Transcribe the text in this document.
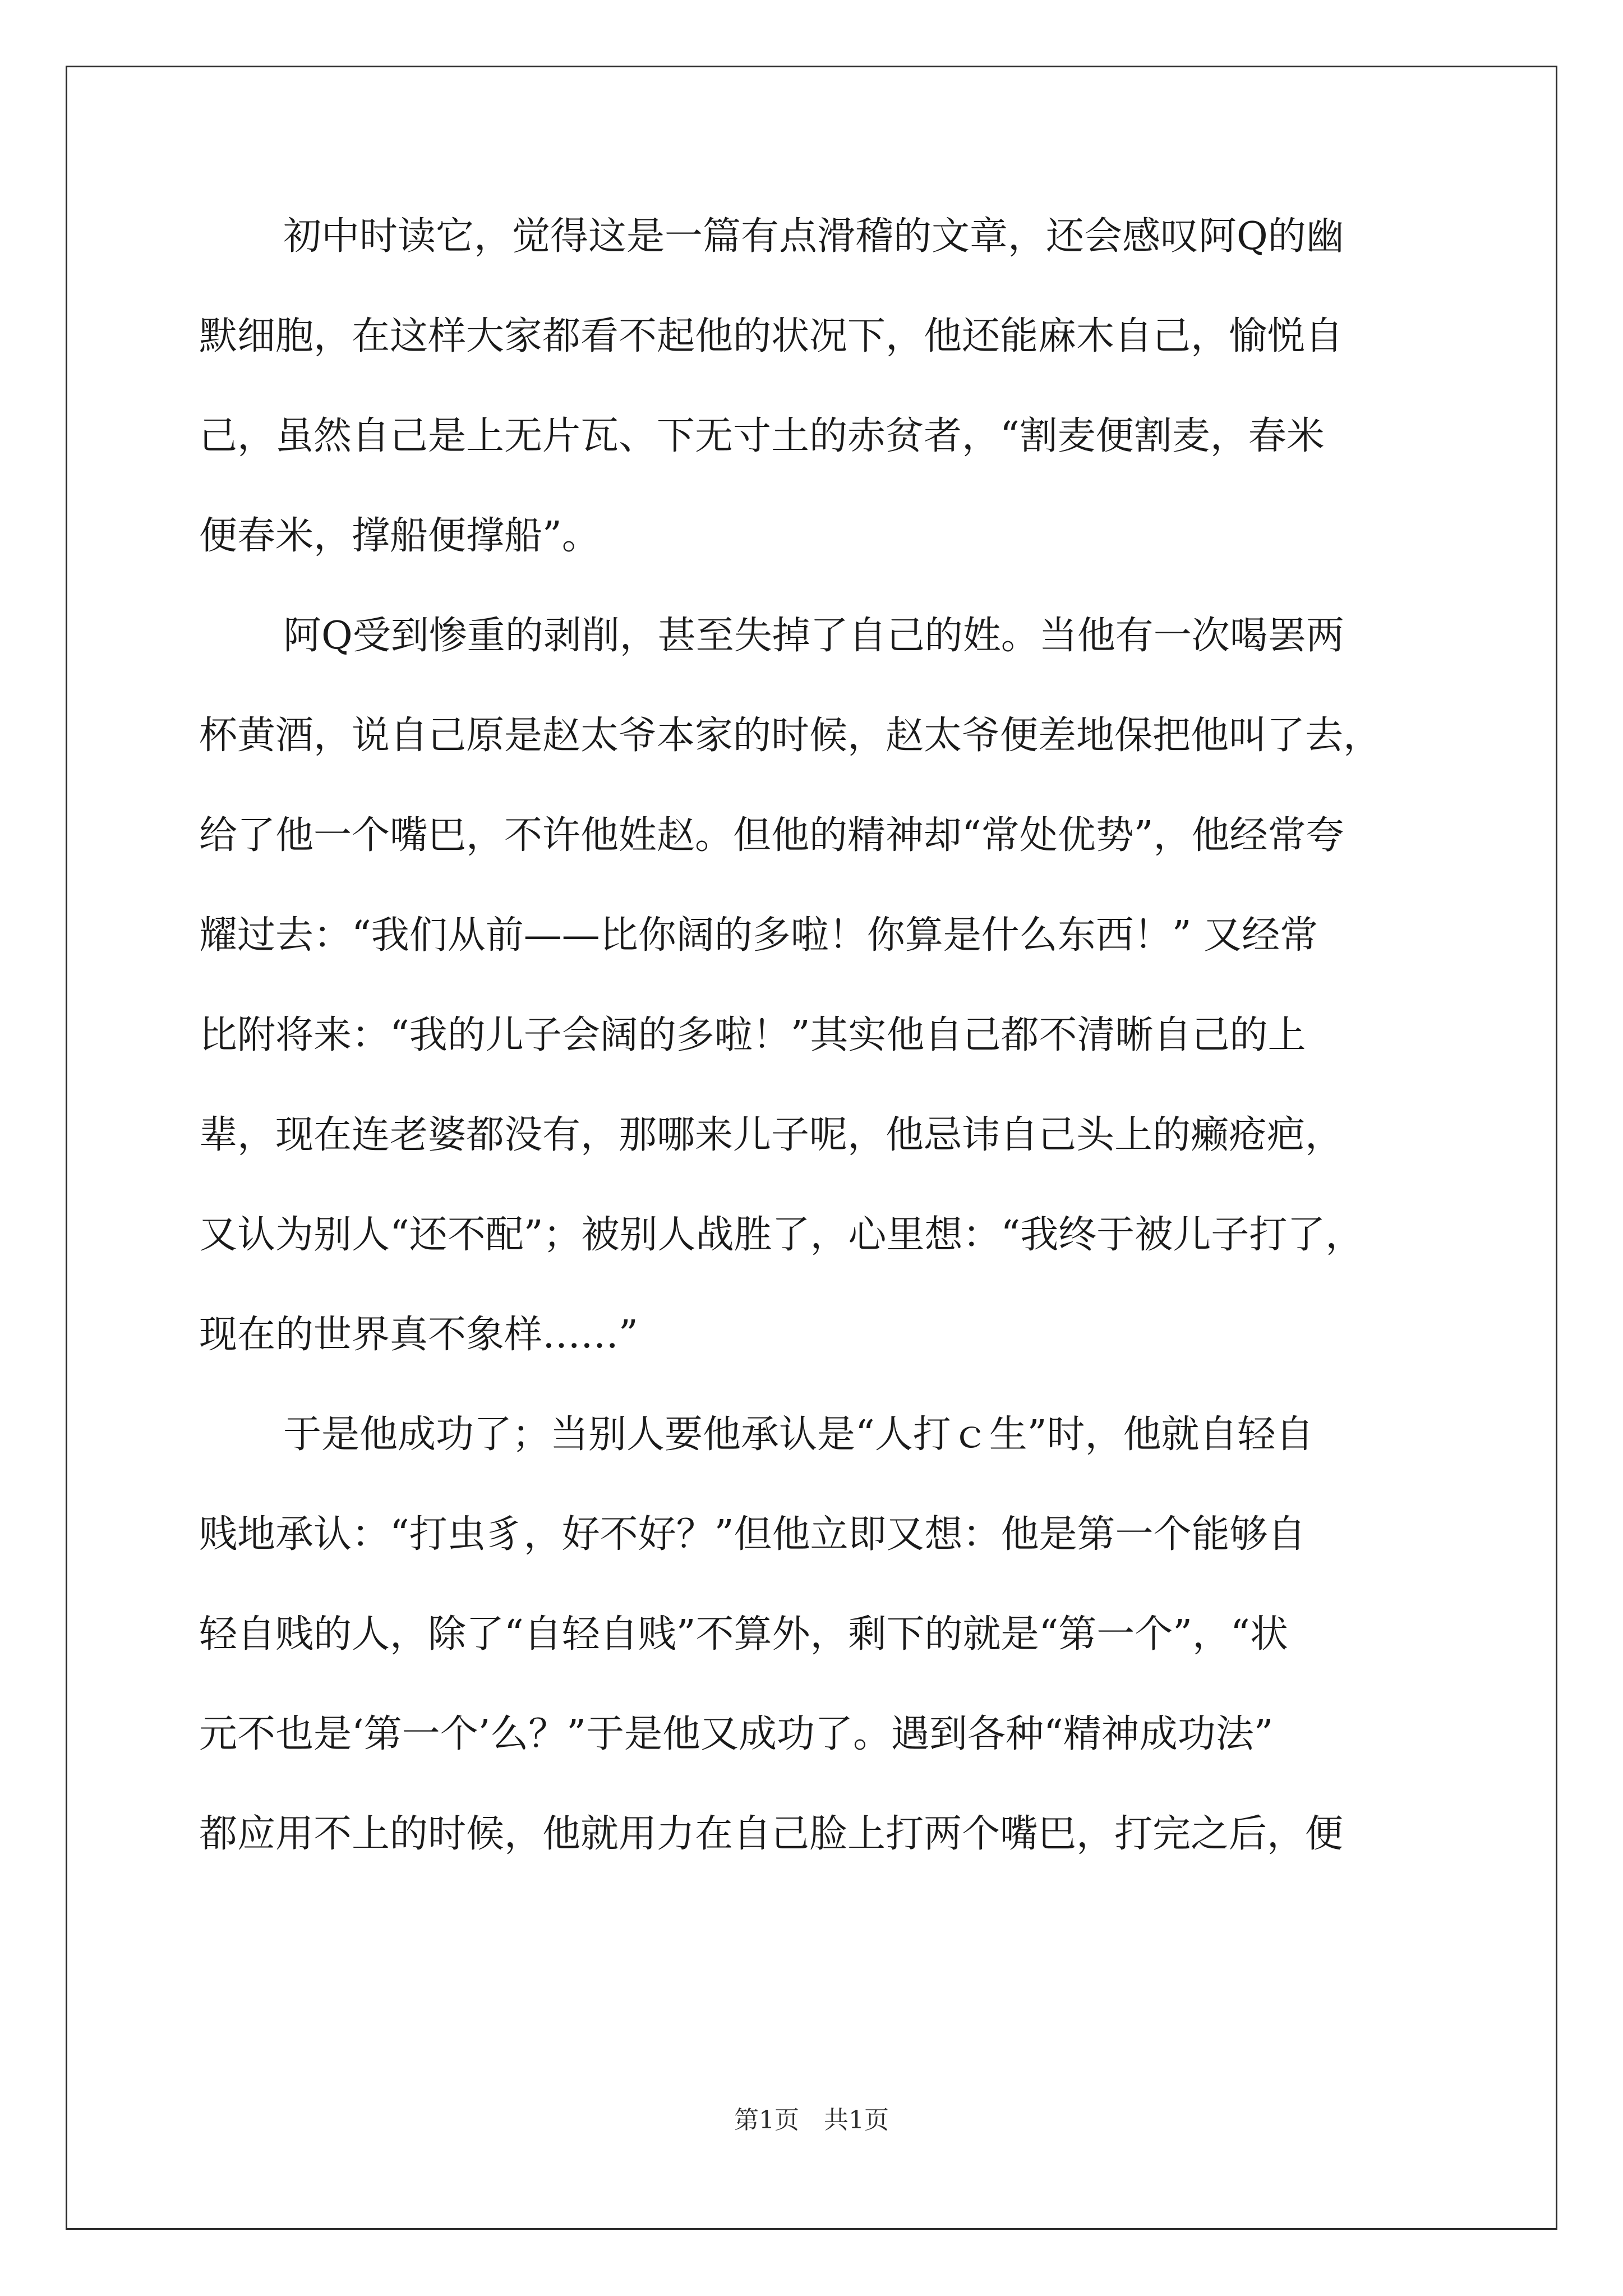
初中时读它，觉得这是一篇有点滑稽的文章，还会感叹阿Q的幽
默细胞，在这样大家都看不起他的状况下，他还能麻木自己，愉悦自
己，虽然自己是上无片瓦、下无寸土的赤贫者，“割麦便割麦，春米
便春米，撑船便撑船”。
阿Q受到惨重的剥削，甚至失掉了自己的姓。当他有一次喝罢两
杯黄酒，说自己原是赵太爷本家的时候，赵太爷便差地保把他叫了去，
给了他一个嘴巴，不许他姓赵。但他的精神却“常处优势”，他经常夸
耀过去：“我们从前——比你阔的多啦！你算是什么东西！” 又经常
比附将来：“我的儿子会阔的多啦！”其实他自己都不清晰自己的上
辈，现在连老婆都没有，那哪来儿子呢，他忌讳自己头上的癞疮疤，
又认为别人“还不配”；被别人战胜了，心里想：“我终于被儿子打了，
现在的世界真不象样……”
于是他成功了；当别人要他承认是“人打ｃ生”时，他就自轻自
贱地承认：“打虫豸，好不好？”但他立即又想：他是第一个能够自
轻自贱的人，除了“自轻自贱”不算外，剩下的就是“第一个”，“状
元不也是‘第一个’么？”于是他又成功了。遇到各种“精神成功法”
都应用不上的时候，他就用力在自己脸上打两个嘴巴，打完之后，便
第1页 共1页
